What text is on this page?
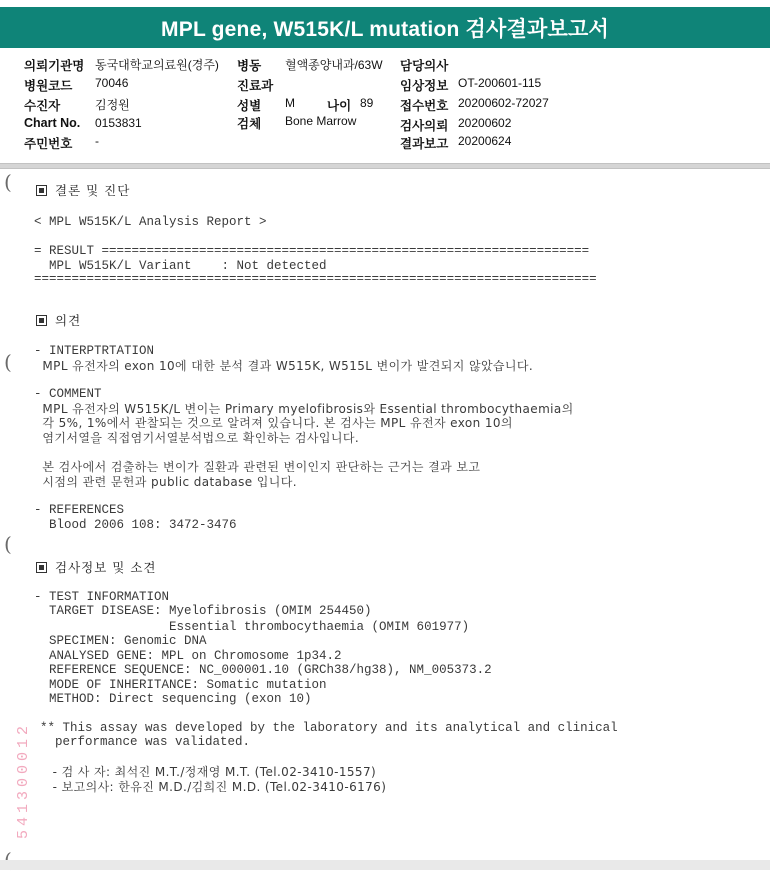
MPL gene, W515K/L mutation 검사결과보고서
의뢰기관명 동국대학교의료원(경주) 병동 혈액종양내과/63W 담당의사
병원코드 70046	진료과	임상정보 OT-200601-115
수진자	김정원	성별 M	나이 89 접수번호 20200602-72027
Chart No. 0153831	검체 Bone Marrow	검사의뢰 20200602
주민번호 -	결과보고 20200624
(
(
(
결론 및 진단
< MPL W515K/L Analysis Report >
= RESULT =================================================================
MPL W515K/L Variant    : Not detected
===========================================================================
의견
- INTERPTRTATION
MPL 유전자의 exon 10에 대한 분석 결과 W515K, W515L 변이가 발견되지 않았습니다.
- COMMENT
MPL 유전자의 W515K/L 변이는 Primary myelofibrosis와 Essential thrombocythaemia의
각 5%, 1%에서 관찰되는 것으로 알려져 있습니다. 본 검사는 MPL 유전자 exon 10의
염기서열을 직접염기서열분석법으로 확인하는 검사입니다.
본 검사에서 검출하는 변이가 질환과 관련된 변이인지 판단하는 근거는 결과 보고
시점의 관련 문헌과 public database 입니다.
- REFERENCES
Blood 2006 108: 3472-3476
검사정보 및 소견
- TEST INFORMATION
TARGET DISEASE: Myelofibrosis (OMIM 254450)
Essential thrombocythaemia (OMIM 601977)
SPECIMEN: Genomic DNA
ANALYSED GENE: MPL on Chromosome 1p34.2
REFERENCE SEQUENCE: NC_000001.10 (GRCh38/hg38), NM_005373.2
MODE OF INHERITANCE: Somatic mutation
METHOD: Direct sequencing (exon 10)
** This assay was developed by the laboratory and its analytical and clinical
performance was validated.
- 검 사 자: 최석진 M.T./정재영 M.T. (Tel.02-3410-1557)
- 보고의사: 한유진 M.D./김희진 M.D. (Tel.02-3410-6176)
541300012
